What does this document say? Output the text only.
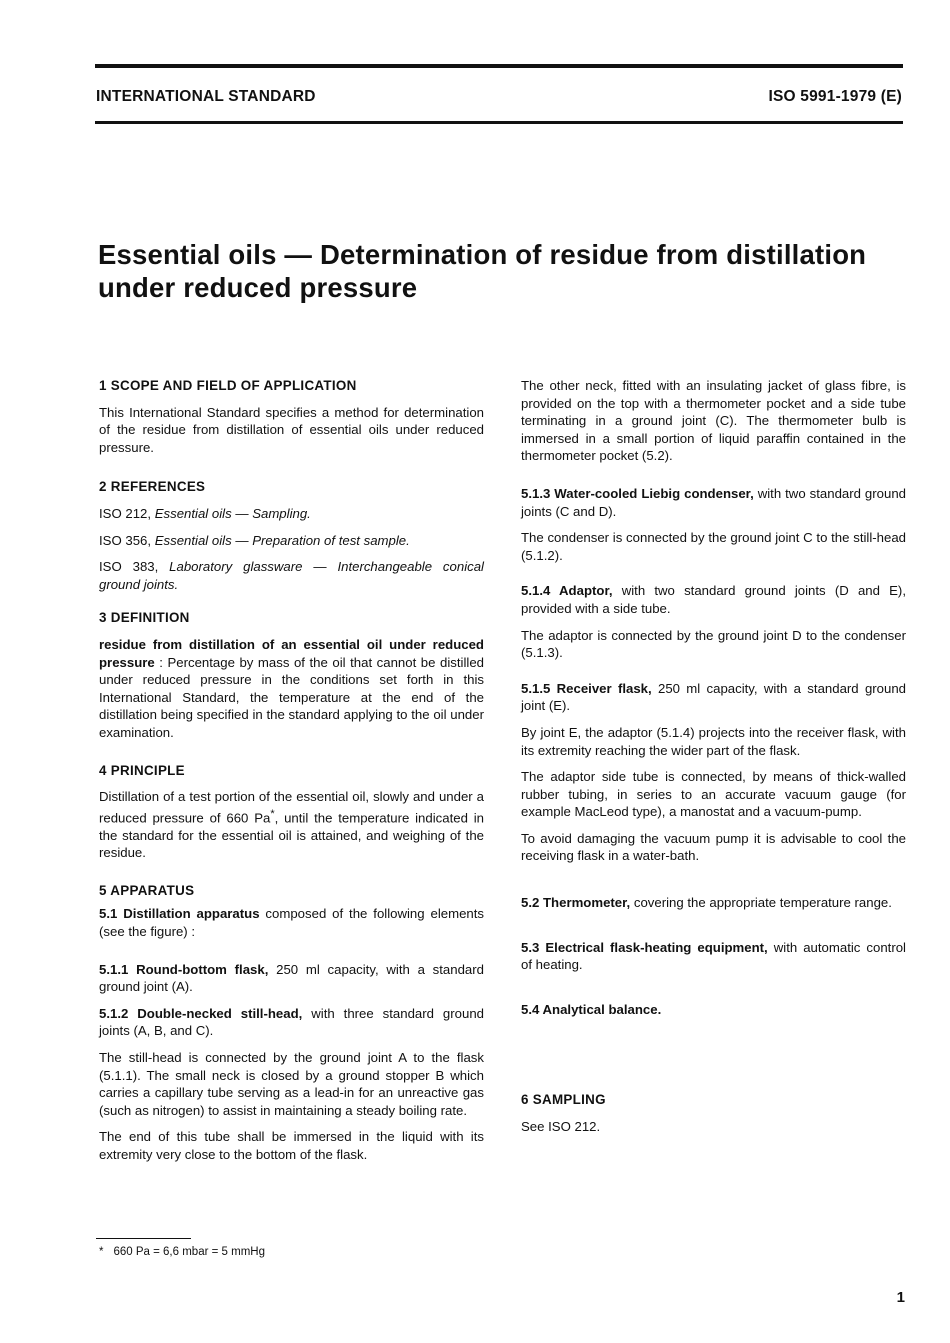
INTERNATIONAL STANDARD	ISO 5991-1979 (E)
Essential oils — Determination of residue from distillation
under reduced pressure
1 SCOPE AND FIELD OF APPLICATION

This International Standard specifies a method for determination of the residue from distillation of essential oils under reduced pressure.

2 REFERENCES

ISO 212, Essential oils — Sampling.

ISO 356, Essential oils — Preparation of test sample.

ISO 383, Laboratory glassware — Interchangeable conical ground joints.

3 DEFINITION

residue from distillation of an essential oil under reduced pressure : Percentage by mass of the oil that cannot be distilled under reduced pressure in the conditions set forth in this International Standard, the temperature at the end of the distillation being specified in the standard applying to the oil under examination.

4 PRINCIPLE

Distillation of a test portion of the essential oil, slowly and under a reduced pressure of 660 Pa*, until the temperature indicated in the standard for the essential oil is attained, and weighing of the residue.

5 APPARATUS

5.1 Distillation apparatus composed of the following elements (see the figure) :

5.1.1 Round-bottom flask, 250 ml capacity, with a standard ground joint (A).

5.1.2 Double-necked still-head, with three standard ground joints (A, B, and C).

The still-head is connected by the ground joint A to the flask (5.1.1). The small neck is closed by a ground stopper B which carries a capillary tube serving as a lead-in for an unreactive gas (such as nitrogen) to assist in maintaining a steady boiling rate.

The end of this tube shall be immersed in the liquid with its extremity very close to the bottom of the flask.

The other neck, fitted with an insulating jacket of glass fibre, is provided on the top with a thermometer pocket and a side tube terminating in a ground joint (C). The thermometer bulb is immersed in a small portion of liquid paraffin contained in the thermometer pocket (5.2).

5.1.3 Water-cooled Liebig condenser, with two standard ground joints (C and D).

The condenser is connected by the ground joint C to the still-head (5.1.2).

5.1.4 Adaptor, with two standard ground joints (D and E), provided with a side tube.

The adaptor is connected by the ground joint D to the condenser (5.1.3).

5.1.5 Receiver flask, 250 ml capacity, with a standard ground joint (E).

By joint E, the adaptor (5.1.4) projects into the receiver flask, with its extremity reaching the wider part of the flask.

The adaptor side tube is connected, by means of thick-walled rubber tubing, in series to an accurate vacuum gauge (for example MacLeod type), a manostat and a vacuum-pump.

To avoid damaging the vacuum pump it is advisable to cool the receiving flask in a water-bath.

5.2 Thermometer, covering the appropriate temperature range.

5.3 Electrical flask-heating equipment, with automatic control of heating.

5.4 Analytical balance.

6 SAMPLING

See ISO 212.

* 660 Pa = 6,6 mbar = 5 mmHg
1
